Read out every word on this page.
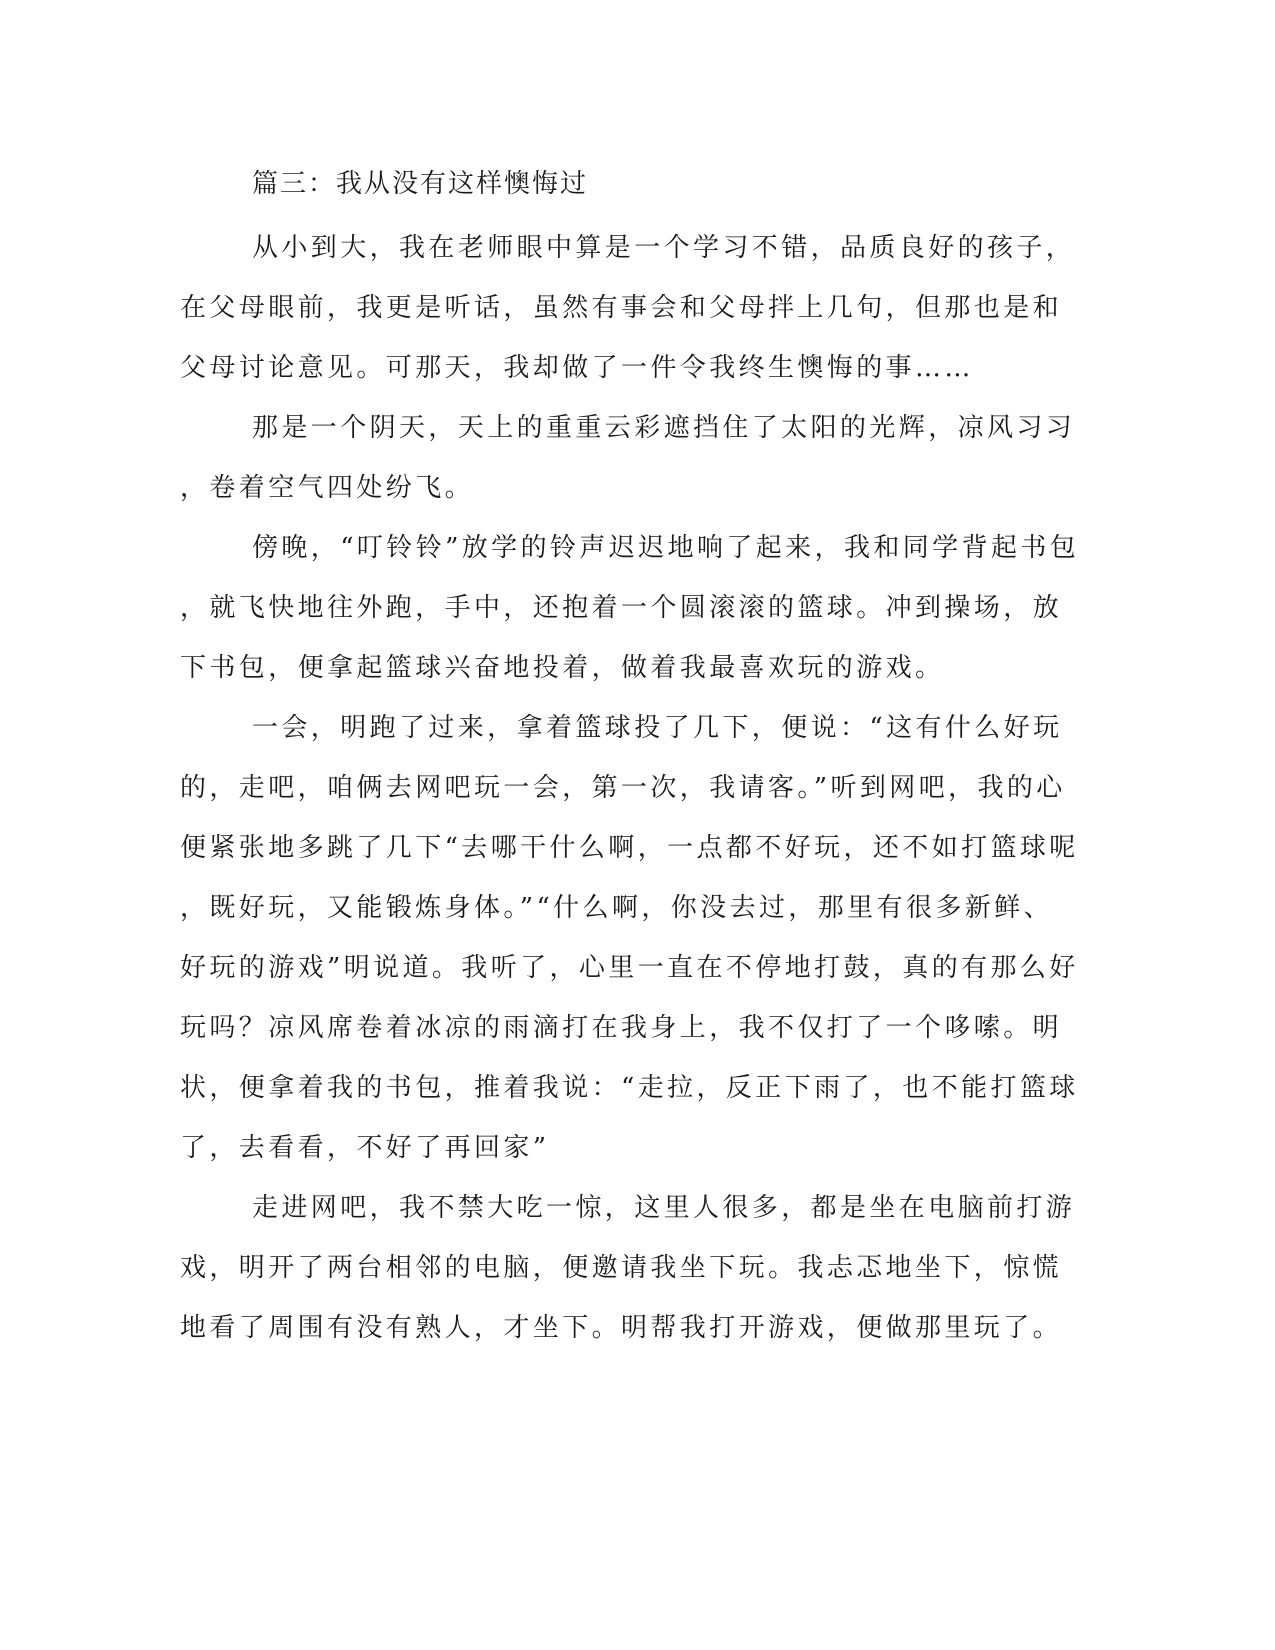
篇三：我从没有这样懊悔过

从小到大，我在老师眼中算是一个学习不错，品质良好的孩子，
在父母眼前，我更是听话，虽然有事会和父母拌上几句，但那也是和
父母讨论意见。可那天，我却做了一件令我终生懊悔的事……

那是一个阴天，天上的重重云彩遮挡住了太阳的光辉，凉风习习
，卷着空气四处纷飞。

傍晚，“叮铃铃”放学的铃声迟迟地响了起来，我和同学背起书包
，就飞快地往外跑，手中，还抱着一个圆滚滚的篮球。冲到操场，放
下书包，便拿起篮球兴奋地投着，做着我最喜欢玩的游戏。

一会，明跑了过来，拿着篮球投了几下，便说：“这有什么好玩
的，走吧，咱俩去网吧玩一会，第一次，我请客。”听到网吧，我的心
便紧张地多跳了几下“去哪干什么啊，一点都不好玩，还不如打篮球呢
，既好玩，又能锻炼身体。”“什么啊，你没去过，那里有很多新鲜、
好玩的游戏”明说道。我听了，心里一直在不停地打鼓，真的有那么好
玩吗？凉风席卷着冰凉的雨滴打在我身上，我不仅打了一个哆嗦。明
状，便拿着我的书包，推着我说：“走拉，反正下雨了，也不能打篮球
了，去看看，不好了再回家”

走进网吧，我不禁大吃一惊，这里人很多，都是坐在电脑前打游
戏，明开了两台相邻的电脑，便邀请我坐下玩。我忐忑地坐下，惊慌
地看了周围有没有熟人，才坐下。明帮我打开游戏，便做那里玩了。
